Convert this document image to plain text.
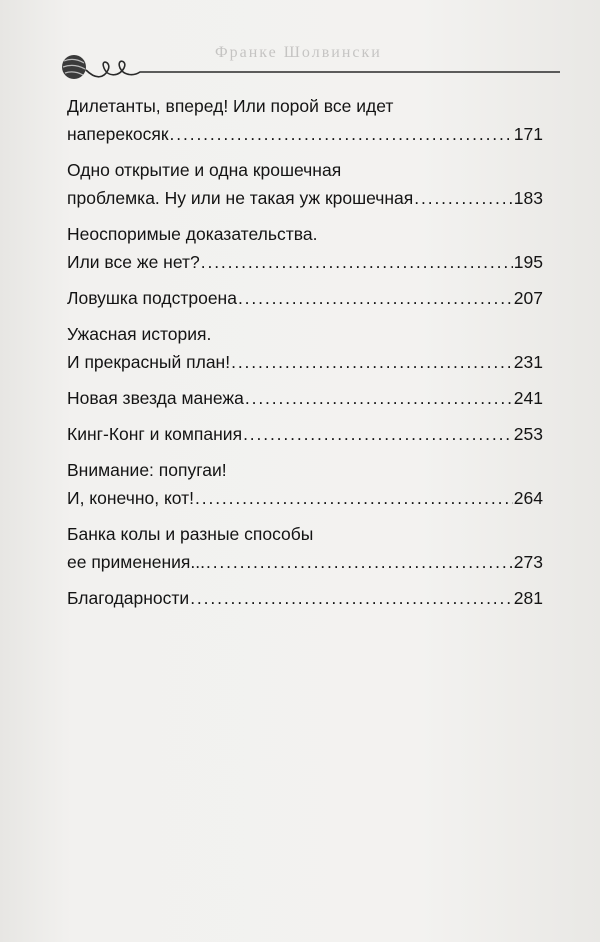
Франке Шолвински
Дилетанты, вперед! Или порой все идет
наперекосяк . . .	171
Одно открытие и одна крошечная
проблемка. Ну или не такая уж крошечная . . .	183
Неоспоримые доказательства.
Или все же нет? . . .	195
Ловушка подстроена . . .	207
Ужасная история.
И прекрасный план! . . .	231
Новая звезда манежа . . .	241
Кинг-Конг и компания . . .	253
Внимание: попугаи!
И, конечно, кот! . . .	264
Банка колы и разные способы
ее применения... . . .	273
Благодарности . . .	281
